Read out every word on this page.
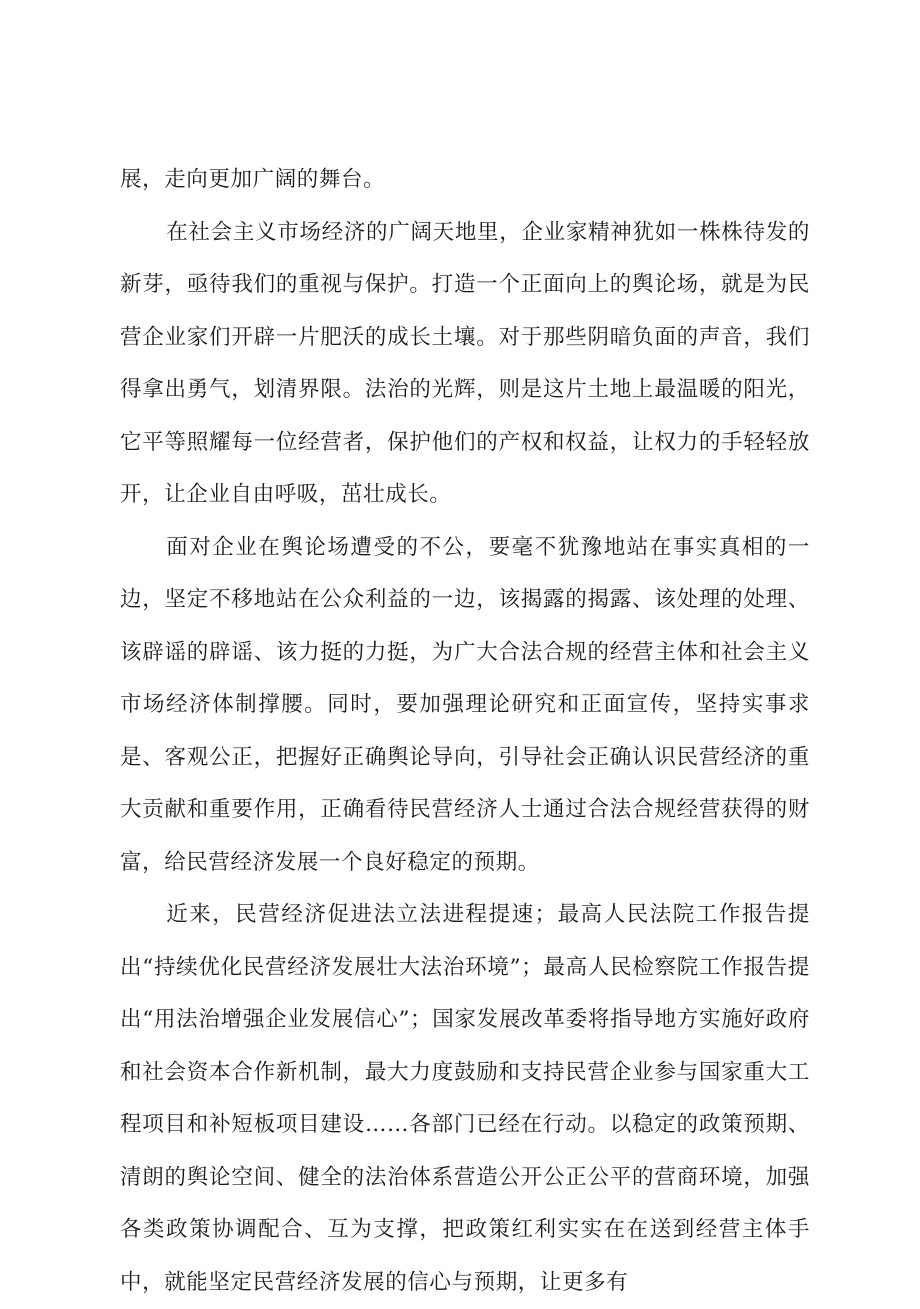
展，走向更加广阔的舞台。

在社会主义市场经济的广阔天地里，企业家精神犹如一株株待发的新芽，亟待我们的重视与保护。打造一个正面向上的舆论场，就是为民营企业家们开辟一片肥沃的成长土壤。对于那些阴暗负面的声音，我们得拿出勇气，划清界限。法治的光辉，则是这片土地上最温暖的阳光，它平等照耀每一位经营者，保护他们的产权和权益，让权力的手轻轻放开，让企业自由呼吸，茁壮成长。

面对企业在舆论场遭受的不公，要毫不犹豫地站在事实真相的一边，坚定不移地站在公众利益的一边，该揭露的揭露、该处理的处理、该辟谣的辟谣、该力挺的力挺，为广大合法合规的经营主体和社会主义市场经济体制撑腰。同时，要加强理论研究和正面宣传，坚持实事求是、客观公正，把握好正确舆论导向，引导社会正确认识民营经济的重大贡献和重要作用，正确看待民营经济人士通过合法合规经营获得的财富，给民营经济发展一个良好稳定的预期。

近来，民营经济促进法立法进程提速；最高人民法院工作报告提出“持续优化民营经济发展壮大法治环境”；最高人民检察院工作报告提出“用法治增强企业发展信心”；国家发展改革委将指导地方实施好政府和社会资本合作新机制，最大力度鼓励和支持民营企业参与国家重大工程项目和补短板项目建设……各部门已经在行动。以稳定的政策预期、清朗的舆论空间、健全的法治体系营造公开公正公平的营商环境，加强各类政策协调配合、互为支撑，把政策红利实实在在送到经营主体手中，就能坚定民营经济发展的信心与预期，让更多有
